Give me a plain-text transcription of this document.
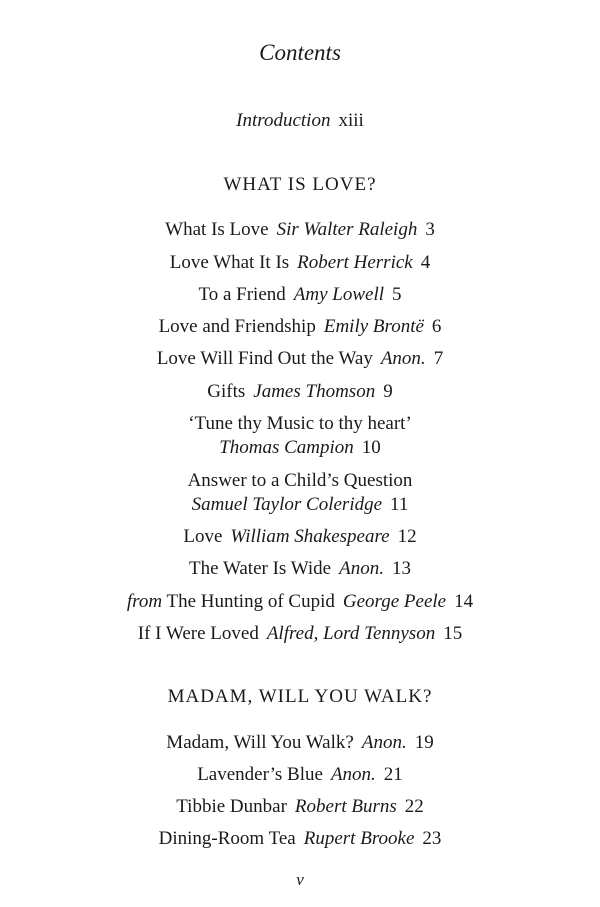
Contents
Introduction xiii
WHAT IS LOVE?
What Is Love Sir Walter Raleigh 3
Love What It Is Robert Herrick 4
To a Friend Amy Lowell 5
Love and Friendship Emily Brontë 6
Love Will Find Out the Way Anon. 7
Gifts James Thomson 9
‘Tune thy Music to thy heart’
Thomas Campion 10
Answer to a Child’s Question
Samuel Taylor Coleridge 11
Love William Shakespeare 12
The Water Is Wide Anon. 13
from The Hunting of Cupid George Peele 14
If I Were Loved Alfred, Lord Tennyson 15
MADAM, WILL YOU WALK?
Madam, Will You Walk? Anon. 19
Lavender’s Blue Anon. 21
Tibbie Dunbar Robert Burns 22
Dining-Room Tea Rupert Brooke 23
v
